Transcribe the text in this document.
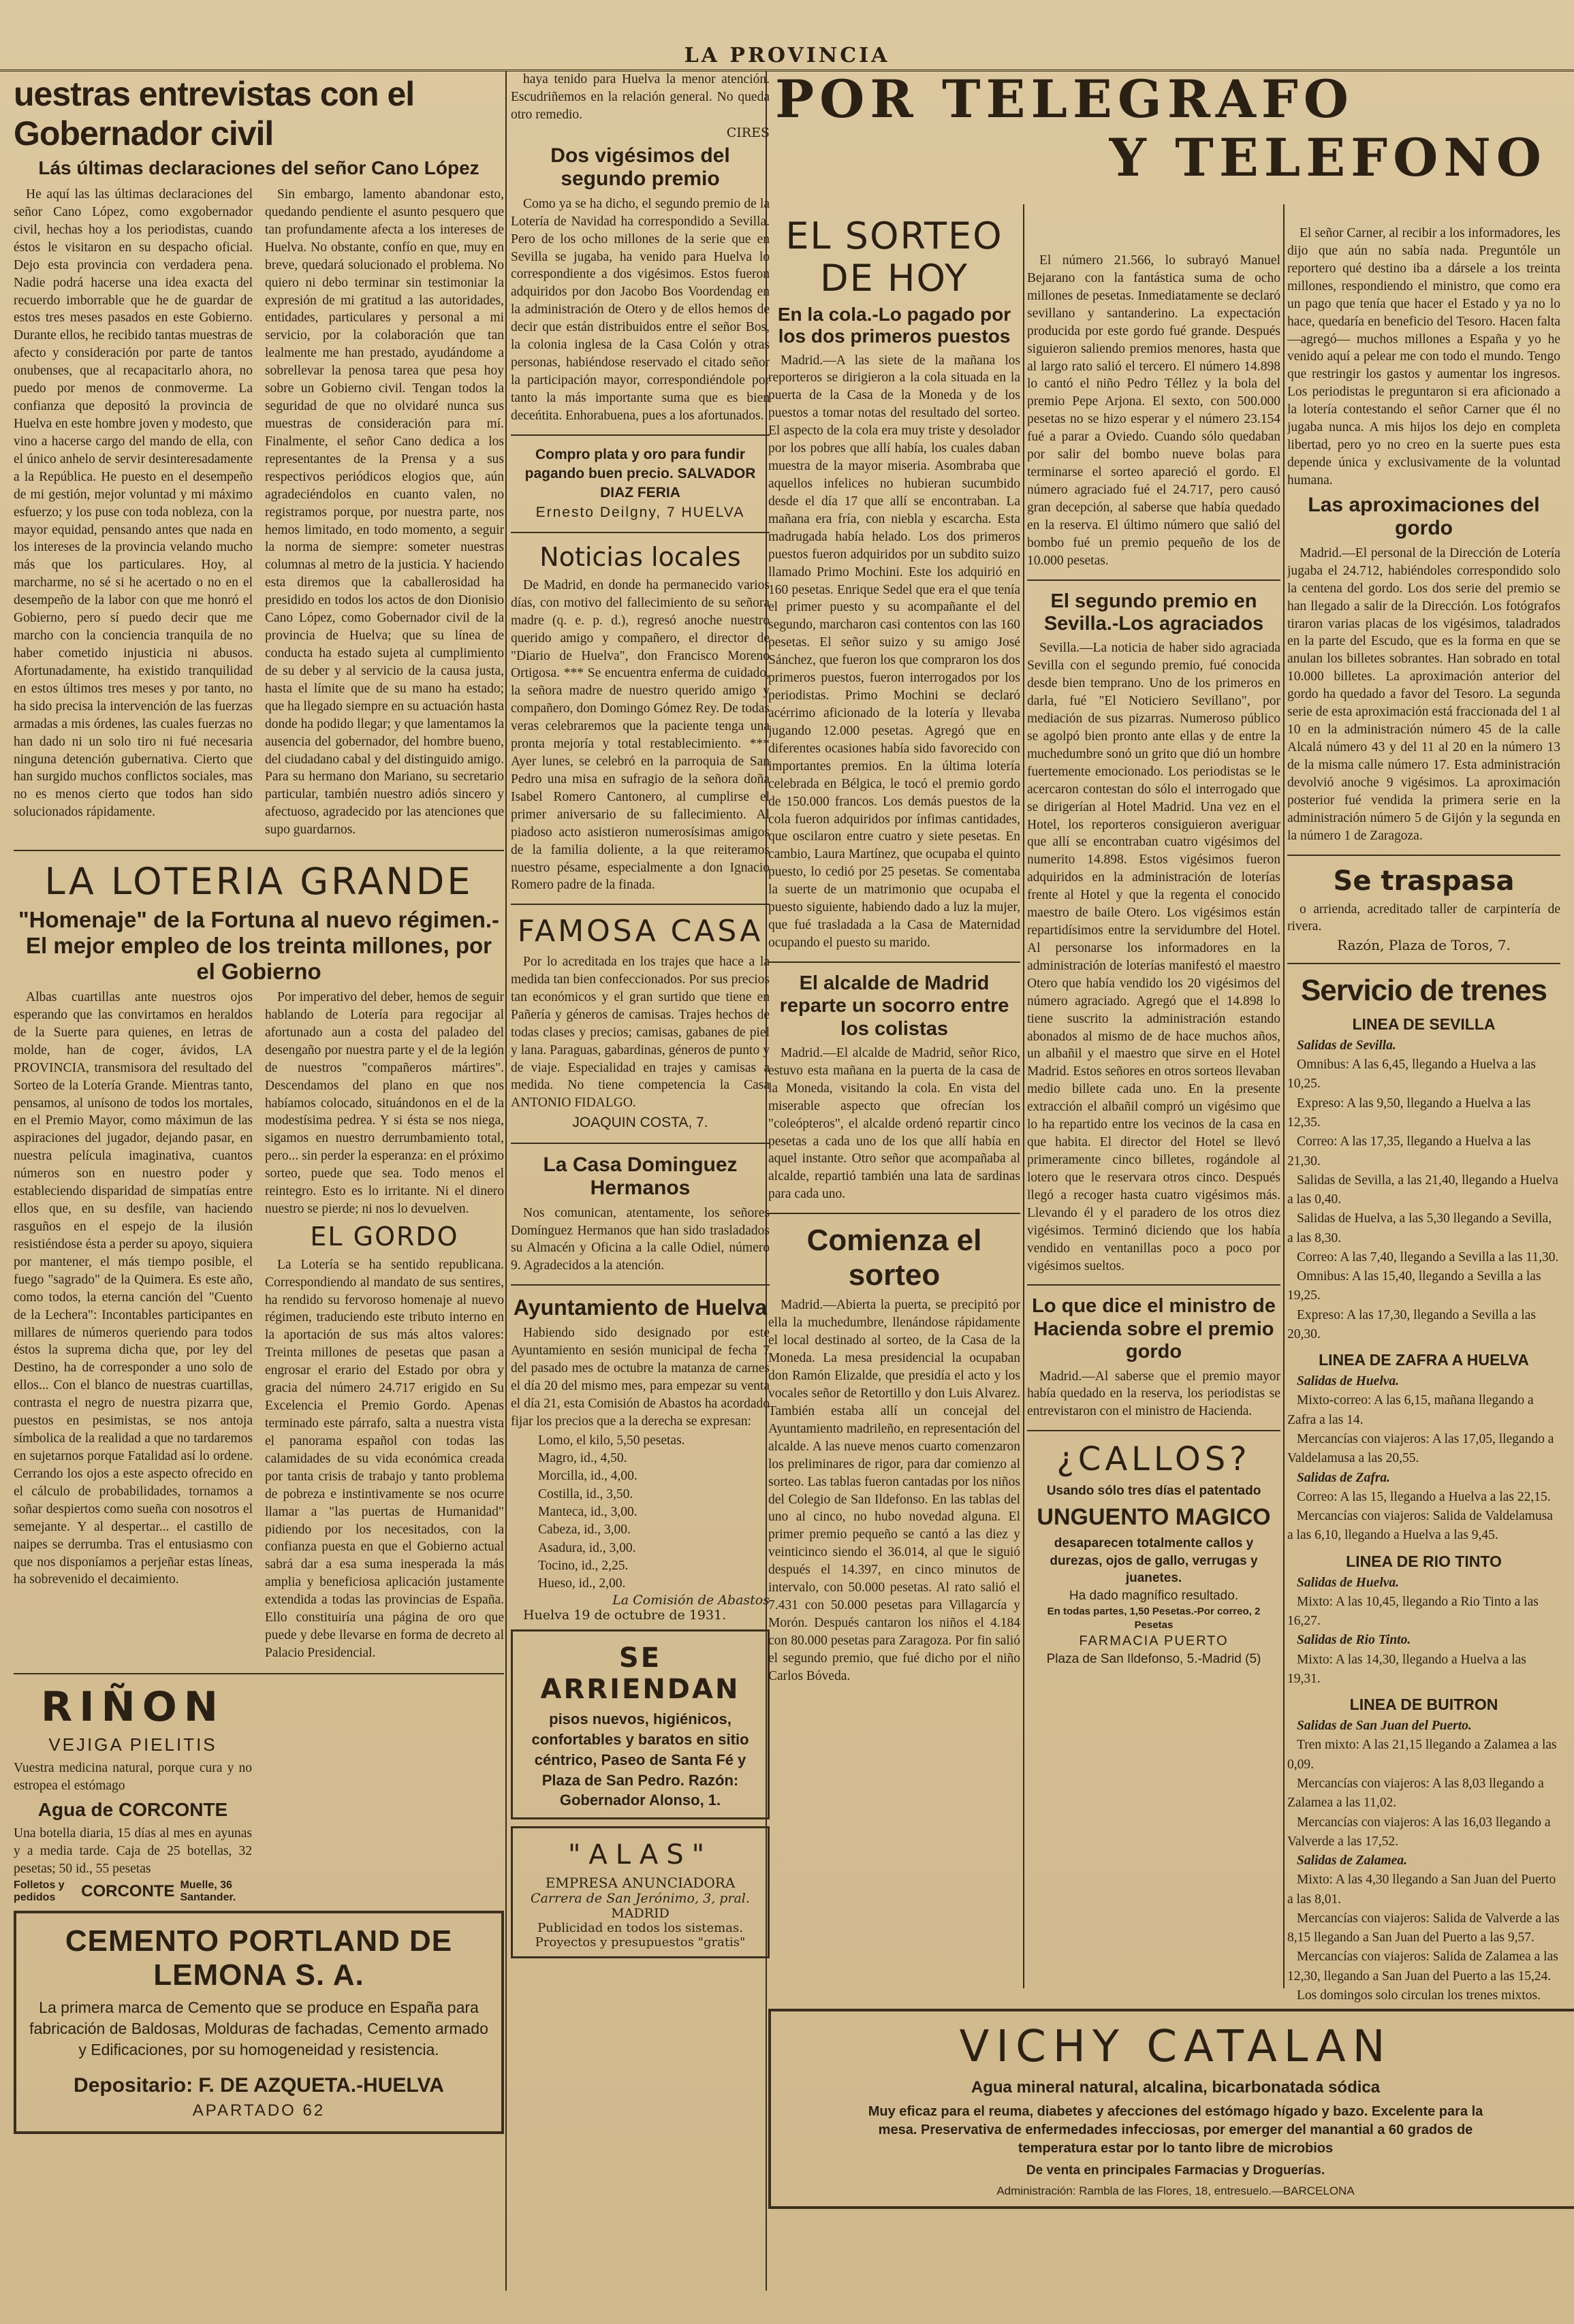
LA PROVINCIA
uestras entrevistas con el Gobernador civil
Lás últimas declaraciones del señor Cano López

He aquí las las últimas declaraciones del señor Cano López, como exgobernador civil, hechas hoy a los periodistas, cuando éstos le visitaron en su despacho oficial. Dejo esta provincia con verdadera pena. Nadie podrá hacerse una idea exacta del recuerdo imborrable que he de guardar de estos tres meses pasados en este Gobierno. Durante ellos, he recibido tantas muestras de afecto y consideración por parte de tantos onubenses, que al recapacitarlo ahora, no puedo por menos de conmoverme. La confianza que depositó la provincia de Huelva en este hombre joven y modesto, que vino a hacerse cargo del mando de ella, con el único anhelo de servir desinteresadamente a la República. He puesto en el desempeño de mi gestión, mejor voluntad y mi máximo esfuerzo; y los puse con toda nobleza, con la mayor equidad, pensando antes que nada en los intereses de la provincia velando mucho más que los particulares. Hoy, al marcharme, no sé si he acertado o no en el desempeño de la labor con que me honró el Gobierno, pero sí puedo decir que me marcho con la conciencia tranquila de no haber cometido injusticia ni abusos. Afortunadamente, ha existido tranquilidad en estos últimos tres meses y por tanto, no ha sido precisa la intervención de las fuerzas armadas a mis órdenes, las cuales fuerzas no han dado ni un solo tiro ni fué necesaria ninguna detención gubernativa. Cierto que han surgido muchos conflictos sociales, mas no es menos cierto que todos han sido solucionados rápidamente.

Sin embargo, lamento abandonar esto, quedando pendiente el asunto pesquero que tan profundamente afecta a los intereses de Huelva. No obstante, confío en que, muy en breve, quedará solucionado el problema. No quiero ni debo terminar sin testimoniar la expresión de mi gratitud a las autoridades, entidades, particulares y personal a mi servicio, por la colaboración que tan lealmente me han prestado, ayudándome a sobrellevar la penosa tarea que pesa hoy sobre un Gobierno civil. Tengan todos la seguridad de que no olvidaré nunca sus muestras de consideración para mí. Finalmente, el señor Cano dedica a los representantes de la Prensa y a sus respectivos periódicos elogios que, aún agradeciéndolos en cuanto valen, no registramos porque, por nuestra parte, nos hemos limitado, en todo momento, a seguir la norma de siempre: someter nuestras columnas al metro de la justicia. Y haciendo esta diremos que la caballerosidad ha presidido en todos los actos de don Dionisio Cano López, como Gobernador civil de la provincia de Huelva; que su línea de conducta ha estado sujeta al cumplimiento de su deber y al servicio de la causa justa, hasta el límite que de su mano ha estado; que ha llegado siempre en su actuación hasta donde ha podido llegar; y que lamentamos la ausencia del gobernador, del hombre bueno, del ciudadano cabal y del distinguido amigo. Para su hermano don Mariano, su secretario particular, también nuestro adiós sincero y afectuoso, agradecido por las atenciones que supo guardarnos.

LA LOTERIA GRANDE
"Homenaje" de la Fortuna al nuevo régimen.-El mejor empleo de los treinta millones, por el Gobierno

Albas cuartillas ante nuestros ojos esperando que las convirtamos en heraldos de la Suerte para quienes, en letras de molde, han de coger, ávidos, LA PROVINCIA, transmisora del resultado del Sorteo de la Lotería Grande. Mientras tanto, pensamos, al unísono de todos los mortales, en el Premio Mayor, como máximun de las aspiraciones del jugador, dejando pasar, en nuestra película imaginativa, cuantos números son en nuestro poder y estableciendo disparidad de simpatías entre ellos que, en su desfile, van haciendo rasguños en el espejo de la ilusión resistiéndose ésta a perder su apoyo, siquiera por mantener, el más tiempo posible, el fuego "sagrado" de la Quimera. Es este año, como todos, la eterna canción del "Cuento de la Lechera": Incontables participantes en millares de números queriendo para todos éstos la suprema dicha que, por ley del Destino, ha de corresponder a uno solo de ellos... Con el blanco de nuestras cuartillas, contrasta el negro de nuestra pizarra que, puestos en pesimistas, se nos antoja símbolica de la realidad a que no tardaremos en sujetarnos porque Fatalidad así lo ordene. Cerrando los ojos a este aspecto ofrecido en el cálculo de probabilidades, tornamos a soñar despiertos como sueña con nosotros el semejante. Y al despertar... el castillo de naipes se derrumba. Tras el entusiasmo con que nos disponíamos a perjeñar estas líneas, ha sobrevenido el decaimiento.

Por imperativo del deber, hemos de seguir hablando de Lotería para regocijar al afortunado aun a costa del paladeo del desengaño por nuestra parte y el de la legión de nuestros "compañeros mártires". Descendamos del plano en que nos habíamos colocado, situándonos en el de la modestísima pedrea. Y si ésta se nos niega, sigamos en nuestro derrumbamiento total, pero... sin perder la esperanza: en el próximo sorteo, puede que sea. Todo menos el reintegro. Esto es lo irritante. Ni el dinero nuestro se pierde; ni nos lo devuelven.

EL GORDO

La Lotería se ha sentido republicana. Correspondiendo al mandato de sus sentires, ha rendido su fervoroso homenaje al nuevo régimen, traduciendo este tributo interno en la aportación de sus más altos valores: Treinta millones de pesetas que pasan a engrosar el erario del Estado por obra y gracia del número 24.717 erigido en Su Excelencia el Premio Gordo. Apenas terminado este párrafo, salta a nuestra vista el panorama español con todas las calamidades de su vida económica creada por tanta crisis de trabajo y tanto problema de pobreza e instintivamente se nos ocurre llamar a "las puertas de Humanidad" pidiendo por los necesitados, con la confianza puesta en que el Gobierno actual sabrá dar a esa suma inesperada la más amplia y beneficiosa aplicación justamente extendida a todas las provincias de España. Ello constituiría una página de oro que puede y debe llevarse en forma de decreto al Palacio Presidencial.

RIÑON
VEJIGA PIELITIS

Vuestra medicina natural, porque cura y no estropea el estómago

Agua de CORCONTE

Una botella diaria, 15 días al mes en ayunas y a media tarde. Caja de 25 botellas, 32 pesetas; 50 id., 55 pesetas

Folletos y pedidos	CORCONTE Muelle, 36 Santander.
CEMENTO PORTLAND DE LEMONA S. A.
La primera marca de Cemento que se produce en España para fabricación de Baldosas, Molduras de fachadas, Cemento armado y Edificaciones, por su homogeneidad y resistencia.
Depositario: F. DE AZQUETA.-HUELVA
APARTADO 62

haya tenido para Huelva la menor atención. Escudriñemos en la relación general. No queda otro remedio.

CIRES
Dos vigésimos del segundo premio

Como ya se ha dicho, el segundo premio de la Lotería de Navidad ha correspondido a Sevilla. Pero de los ocho millones de la serie que en Sevilla se jugaba, ha venido para Huelva lo correspondiente a dos vigésimos. Estos fueron adquiridos por don Jacobo Bos Voordendag en la administración de Otero y de ellos hemos de decir que están distribuidos entre el señor Bos, la colonia inglesa de la Casa Colón y otras personas, habiéndose reservado el citado señor la participación mayor, correspondiéndole por tanto la más importante suma que es bien deceńtita. Enhorabuena, pues a los afortunados.

Compro plata y oro para fundir pagando buen precio. SALVADOR DIAZ FERIA
Ernesto Deilgny, 7 HUELVA
Noticias locales

De Madrid, en donde ha permanecido varios días, con motivo del fallecimiento de su señora madre (q. e. p. d.), regresó anoche nuestro querido amigo y compañero, el director de "Diario de Huelva", don Francisco Moreno Ortigosa. *** Se encuentra enferma de cuidado, la señora madre de nuestro querido amigo y compañero, don Domingo Gómez Rey. De todas veras celebraremos que la paciente tenga una pronta mejoría y total restablecimiento. *** Ayer lunes, se celebró en la parroquia de San Pedro una misa en sufragio de la señora doña Isabel Romero Cantonero, al cumplirse el primer aniversario de su fallecimiento. Al piadoso acto asistieron numerosísimas amigos de la familia doliente, a la que reiteramos nuestro pésame, especialmente a don Ignacio Romero padre de la finada.

FAMOSA CASA

Por lo acreditada en los trajes que hace a la medida tan bien confeccionados. Por sus precios tan económicos y el gran surtido que tiene en Pañería y géneros de camisas. Trajes hechos de todas clases y precios; camisas, gabanes de piel y lana. Paraguas, gabardinas, géneros de punto y de viaje. Especialidad en trajes y camisas a medida. No tiene competencia la Casa ANTONIO FIDALGO.

JOAQUIN COSTA, 7.
La Casa Dominguez Hermanos

Nos comunican, atentamente, los señores Domínguez Hermanos que han sido trasladados su Almacén y Oficina a la calle Odiel, número 9. Agradecidos a la atención.

Ayuntamiento de Huelva

Habiendo sido designado por este Ayuntamiento en sesión municipal de fecha 7 del pasado mes de octubre la matanza de carnes el día 20 del mismo mes, para empezar su venta el día 21, esta Comisión de Abastos ha acordado fijar los precios que a la derecha se expresan:

Lomo, el kilo, 5,50 pesetas.
Magro, id., 4,50.
Morcilla, id., 4,00.
Costilla, id., 3,50.
Manteca, id., 3,00.
Cabeza, id., 3,00.
Asadura, id., 3,00.
Tocino, id., 2,25.
Hueso, id., 2,00.
La Comisión de Abastos
Huelva 19 de octubre de 1931.
SE ARRIENDAN
pisos nuevos, higiénicos, confortables y baratos en sitio céntrico, Paseo de Santa Fé y Plaza de San Pedro. Razón: Gobernador Alonso, 1.
"ALAS"
EMPRESA ANUNCIADORA
Carrera de San Jerónimo, 3, pral.
MADRID
Publicidad en todos los sistemas. Proyectos y presupuestos "gratis"
POR TELEGRAFO
Y TELEFONO
EL SORTEO DE HOY
En la cola.-Lo pagado por los dos primeros puestos

Madrid.—A las siete de la mañana los reporteros se dirigieron a la cola situada en la puerta de la Casa de la Moneda y de los puestos a tomar notas del resultado del sorteo. El aspecto de la cola era muy triste y desolador por los pobres que allí había, los cuales daban muestra de la mayor miseria. Asombraba que aquellos infelices no hubieran sucumbido desde el día 17 que allí se encontraban. La mañana era fría, con niebla y escarcha. Esta madrugada había helado. Los dos primeros puestos fueron adquiridos por un subdito suizo llamado Primo Mochini. Este los adquirió en 160 pesetas. Enrique Sedel que era el que tenía el primer puesto y su acompañante el del segundo, marcharon casi contentos con las 160 pesetas. El señor suizo y su amigo José Sánchez, que fueron los que compraron los dos primeros puestos, fueron interrogados por los periodistas. Primo Mochini se declaró acérrimo aficionado de la lotería y llevaba jugando 12.000 pesetas. Agregó que en diferentes ocasiones había sido favorecido con importantes premios. En la última lotería celebrada en Bélgica, le tocó el premio gordo de 150.000 francos. Los demás puestos de la cola fueron adquiridos por ínfimas cantidades, que oscilaron entre cuatro y siete pesetas. En cambio, Laura Martínez, que ocupaba el quinto puesto, lo cedió por 25 pesetas. Se comentaba la suerte de un matrimonio que ocupaba el puesto siguiente, habiendo dado a luz la mujer, que fué trasladada a la Casa de Maternidad ocupando el puesto su marido.

El alcalde de Madrid reparte un socorro entre los colistas

Madrid.—El alcalde de Madrid, señor Rico, estuvo esta mañana en la puerta de la casa de la Moneda, visitando la cola. En vista del miserable aspecto que ofrecían los "coleópteros", el alcalde ordenó repartir cinco pesetas a cada uno de los que allí había en aquel instante. Otro señor que acompañaba al alcalde, repartió también una lata de sardinas para cada uno.

Comienza el sorteo

Madrid.—Abierta la puerta, se precipitó por ella la muchedumbre, llenándose rápidamente el local destinado al sorteo, de la Casa de la Moneda. La mesa presidencial la ocupaban don Ramón Elizalde, que presidía el acto y los vocales señor de Retortillo y don Luis Alvarez. También estaba allí un concejal del Ayuntamiento madrileño, en representación del alcalde. A las nueve menos cuarto comenzaron los preliminares de rigor, para dar comienzo al sorteo. Las tablas fueron cantadas por los niños del Colegio de San Ildefonso. En las tablas del uno al cinco, no hubo novedad alguna. El primer premio pequeño se cantó a las diez y veinticinco siendo el 36.014, al que le siguió después el 14.397, en cinco minutos de intervalo, con 50.000 pesetas. Al rato salió el 7.431 con 50.000 pesetas para Villagarcía y Morón. Después cantaron los niños el 4.184 con 80.000 pesetas para Zaragoza. Por fin salió el segundo premio, que fué dicho por el niño Carlos Bóveda.

El número 21.566, lo subrayó Manuel Bejarano con la fantástica suma de ocho millones de pesetas. Inmediatamente se declaró sevillano y santanderino. La expectación producida por este gordo fué grande. Después siguieron saliendo premios menores, hasta que al largo rato salió el tercero. El número 14.898 lo cantó el niño Pedro Téllez y la bola del premio Pepe Arjona. El sexto, con 500.000 pesetas no se hizo esperar y el número 23.154 fué a parar a Oviedo. Cuando sólo quedaban por salir del bombo nueve bolas para terminarse el sorteo apareció el gordo. El número agraciado fué el 24.717, pero causó gran decepción, al saberse que había quedado en la reserva. El último número que salió del bombo fué un premio pequeño de los de 10.000 pesetas.

El segundo premio en Sevilla.-Los agraciados

Sevilla.—La noticia de haber sido agraciada Sevilla con el segundo premio, fué conocida desde bien temprano. Uno de los primeros en darla, fué "El Noticiero Sevillano", por mediación de sus pizarras. Numeroso público se agolpó bien pronto ante ellas y de entre la muchedumbre sonó un grito que dió un hombre fuertemente emocionado. Los periodistas se le acercaron contestan do sólo el interrogado que se dirigerían al Hotel Madrid. Una vez en el Hotel, los reporteros consiguieron averiguar que allí se encontraban cuatro vigésimos del numerito 14.898. Estos vigésimos fueron adquiridos en la administración de loterías frente al Hotel y que la regenta el conocido maestro de baile Otero. Los vigésimos están repartidísimos entre la servidumbre del Hotel. Al personarse los informadores en la administración de loterías manifestó el maestro Otero que había vendido los 20 vigésimos del número agraciado. Agregó que el 14.898 lo tiene suscrito la administración estando abonados al mismo de de hace muchos años, un albañil y el maestro que sirve en el Hotel Madrid. Estos señores en otros sorteos llevaban medio billete cada uno. En la presente extracción el albañil compró un vigésimo que lo ha repartido entre los vecinos de la casa en que habita. El director del Hotel se llevó primeramente cinco billetes, rogándole al lotero que le reservara otros cinco. Después llegó a recoger hasta cuatro vigésimos más. Llevando él y el paradero de los otros diez vigésimos. Terminó diciendo que los había vendido en ventanillas poco a poco por vigésimos sueltos.

Lo que dice el ministro de Hacienda sobre el premio gordo

Madrid.—Al saberse que el premio mayor había quedado en la reserva, los periodistas se entrevistaron con el ministro de Hacienda.

¿CALLOS?
Usando sólo tres días el patentado
UNGUENTO MAGICO
desaparecen totalmente callos y durezas, ojos de gallo, verrugas y juanetes.
Ha dado magnífico resultado.
En todas partes, 1,50 Pesetas.-Por correo, 2 Pesetas
FARMACIA PUERTO
Plaza de San Ildefonso, 5.-Madrid (5)

El señor Carner, al recibir a los informadores, les dijo que aún no sabía nada. Preguntóle un reportero qué destino iba a dársele a los treinta millones, respondiendo el ministro, que como era un pago que tenía que hacer el Estado y ya no lo hace, quedaría en beneficio del Tesoro. Hacen falta —agregó— muchos millones a España y yo he venido aquí a pelear me con todo el mundo. Tengo que restringir los gastos y aumentar los ingresos. Los periodistas le preguntaron si era aficionado a la lotería contestando el señor Carner que él no jugaba nunca. A mis hijos los dejo en completa libertad, pero yo no creo en la suerte pues esta depende única y exclusivamente de la voluntad humana.

Las aproximaciones del gordo

Madrid.—El personal de la Dirección de Lotería jugaba el 24.712, habiéndoles correspondido solo la centena del gordo. Los dos serie del premio se han llegado a salir de la Dirección. Los fotógrafos tiraron varias placas de los vigésimos, taladrados en la parte del Escudo, que es la forma en que se anulan los billetes sobrantes. Han sobrado en total 10.000 billetes. La aproximación anterior del gordo ha quedado a favor del Tesoro. La segunda serie de esta aproximación está fraccionada del 1 al 10 en la administración número 45 de la calle Alcalá número 43 y del 11 al 20 en la número 13 de la misma calle número 17. Esta administración devolvió anoche 9 vigésimos. La aproximación posterior fué vendida la primera serie en la administración número 5 de Gijón y la segunda en la número 1 de Zaragoza.

Se traspasa

o arrienda, acreditado taller de carpintería de rivera.

Razón, Plaza de Toros, 7.
Servicio de trenes
LINEA DE SEVILLA

Salidas de Sevilla.

Omnibus: A las 6,45, llegando a Huelva a las 10,25.

Expreso: A las 9,50, llegando a Huelva a las 12,35.

Correo: A las 17,35, llegando a Huelva a las 21,30.

Salidas de Sevilla, a las 21,40, llegando a Huelva a las 0,40.

Salidas de Huelva, a las 5,30 llegando a Sevilla, a las 8,30.

Correo: A las 7,40, llegando a Sevilla a las 11,30.

Omnibus: A las 15,40, llegando a Sevilla a las 19,25.

Expreso: A las 17,30, llegando a Sevilla a las 20,30.

LINEA DE ZAFRA A HUELVA

Salidas de Huelva.

Mixto-correo: A las 6,15, mañana llegando a Zafra a las 14.

Mercancías con viajeros: A las 17,05, llegando a Valdelamusa a las 20,55.

Salidas de Zafra.

Correo: A las 15, llegando a Huelva a las 22,15.

Mercancías con viajeros: Salida de Valdelamusa a las 6,10, llegando a Huelva a las 9,45.

LINEA DE RIO TINTO

Salidas de Huelva.

Mixto: A las 10,45, llegando a Rio Tinto a las 16,27.

Salidas de Rio Tinto.

Mixto: A las 14,30, llegando a Huelva a las 19,31.

LINEA DE BUITRON

Salidas de San Juan del Puerto.

Tren mixto: A las 21,15 llegando a Zalamea a las 0,09.

Mercancías con viajeros: A las 8,03 llegando a Zalamea a las 11,02.

Mercancías con viajeros: A las 16,03 llegando a Valverde a las 17,52.

Salidas de Zalamea.

Mixto: A las 4,30 llegando a San Juan del Puerto a las 8,01.

Mercancías con viajeros: Salida de Valverde a las 8,15 llegando a San Juan del Puerto a las 9,57.

Mercancías con viajeros: Salida de Zalamea a las 12,30, llegando a San Juan del Puerto a las 15,24.

Los domingos solo circulan los trenes mixtos.

VICHY CATALAN
Agua mineral natural, alcalina, bicarbonatada sódica
Muy eficaz para el reuma, diabetes y afecciones del estómago hígado y bazo. Excelente para la mesa. Preservativa de enfermedades infecciosas, por emerger del manantial a 60 grados de temperatura estar por lo tanto libre de microbios
De venta en principales Farmacias y Droguerías.
Administración: Rambla de las Flores, 18, entresuelo.—BARCELONA
